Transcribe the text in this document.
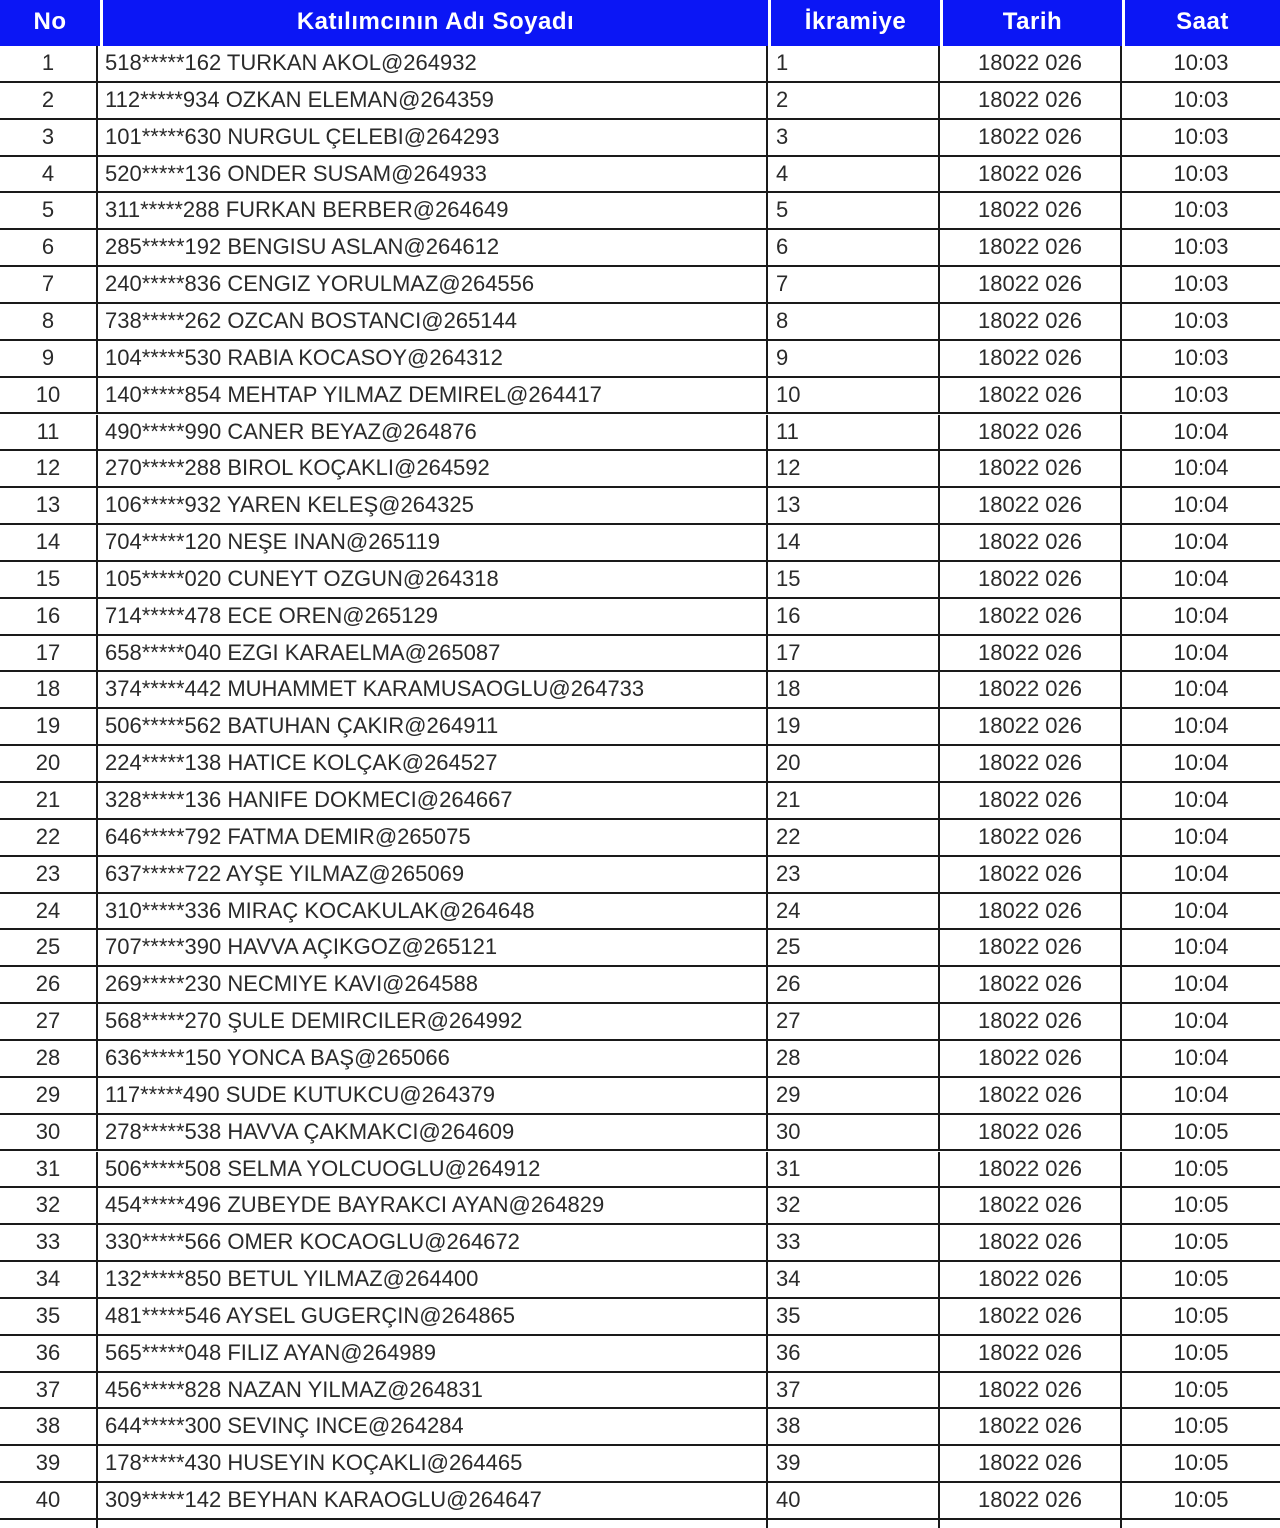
No	Katılımcının Adı Soyadı	İkramiye	Tarih	Saat
1	518*****162 TURKAN AKOL@264932	1	18022 026	10:03
2	112*****934 OZKAN ELEMAN@264359	2	18022 026	10:03
3	101*****630 NURGUL ÇELEBI@264293	3	18022 026	10:03
4	520*****136 ONDER SUSAM@264933	4	18022 026	10:03
5	311*****288 FURKAN BERBER@264649	5	18022 026	10:03
6	285*****192 BENGISU ASLAN@264612	6	18022 026	10:03
7	240*****836 CENGIZ YORULMAZ@264556	7	18022 026	10:03
8	738*****262 OZCAN BOSTANCI@265144	8	18022 026	10:03
9	104*****530 RABIA KOCASOY@264312	9	18022 026	10:03
10	140*****854 MEHTAP YILMAZ DEMIREL@264417	10	18022 026	10:03
11	490*****990 CANER BEYAZ@264876	11	18022 026	10:04
12	270*****288 BIROL KOÇAKLI@264592	12	18022 026	10:04
13	106*****932 YAREN KELEŞ@264325	13	18022 026	10:04
14	704*****120 NEŞE INAN@265119	14	18022 026	10:04
15	105*****020 CUNEYT OZGUN@264318	15	18022 026	10:04
16	714*****478 ECE OREN@265129	16	18022 026	10:04
17	658*****040 EZGI KARAELMA@265087	17	18022 026	10:04
18	374*****442 MUHAMMET KARAMUSAOGLU@264733	18	18022 026	10:04
19	506*****562 BATUHAN ÇAKIR@264911	19	18022 026	10:04
20	224*****138 HATICE KOLÇAK@264527	20	18022 026	10:04
21	328*****136 HANIFE DOKMECI@264667	21	18022 026	10:04
22	646*****792 FATMA DEMIR@265075	22	18022 026	10:04
23	637*****722 AYŞE YILMAZ@265069	23	18022 026	10:04
24	310*****336 MIRAÇ KOCAKULAK@264648	24	18022 026	10:04
25	707*****390 HAVVA AÇIKGOZ@265121	25	18022 026	10:04
26	269*****230 NECMIYE KAVI@264588	26	18022 026	10:04
27	568*****270 ŞULE DEMIRCILER@264992	27	18022 026	10:04
28	636*****150 YONCA BAŞ@265066	28	18022 026	10:04
29	117*****490 SUDE KUTUKCU@264379	29	18022 026	10:04
30	278*****538 HAVVA ÇAKMAKCI@264609	30	18022 026	10:05
31	506*****508 SELMA YOLCUOGLU@264912	31	18022 026	10:05
32	454*****496 ZUBEYDE BAYRAKCI AYAN@264829	32	18022 026	10:05
33	330*****566 OMER KOCAOGLU@264672	33	18022 026	10:05
34	132*****850 BETUL YILMAZ@264400	34	18022 026	10:05
35	481*****546 AYSEL GUGERÇIN@264865	35	18022 026	10:05
36	565*****048 FILIZ AYAN@264989	36	18022 026	10:05
37	456*****828 NAZAN YILMAZ@264831	37	18022 026	10:05
38	644*****300 SEVINÇ INCE@264284	38	18022 026	10:05
39	178*****430 HUSEYIN KOÇAKLI@264465	39	18022 026	10:05
40	309*****142 BEYHAN KARAOGLU@264647	40	18022 026	10:05
